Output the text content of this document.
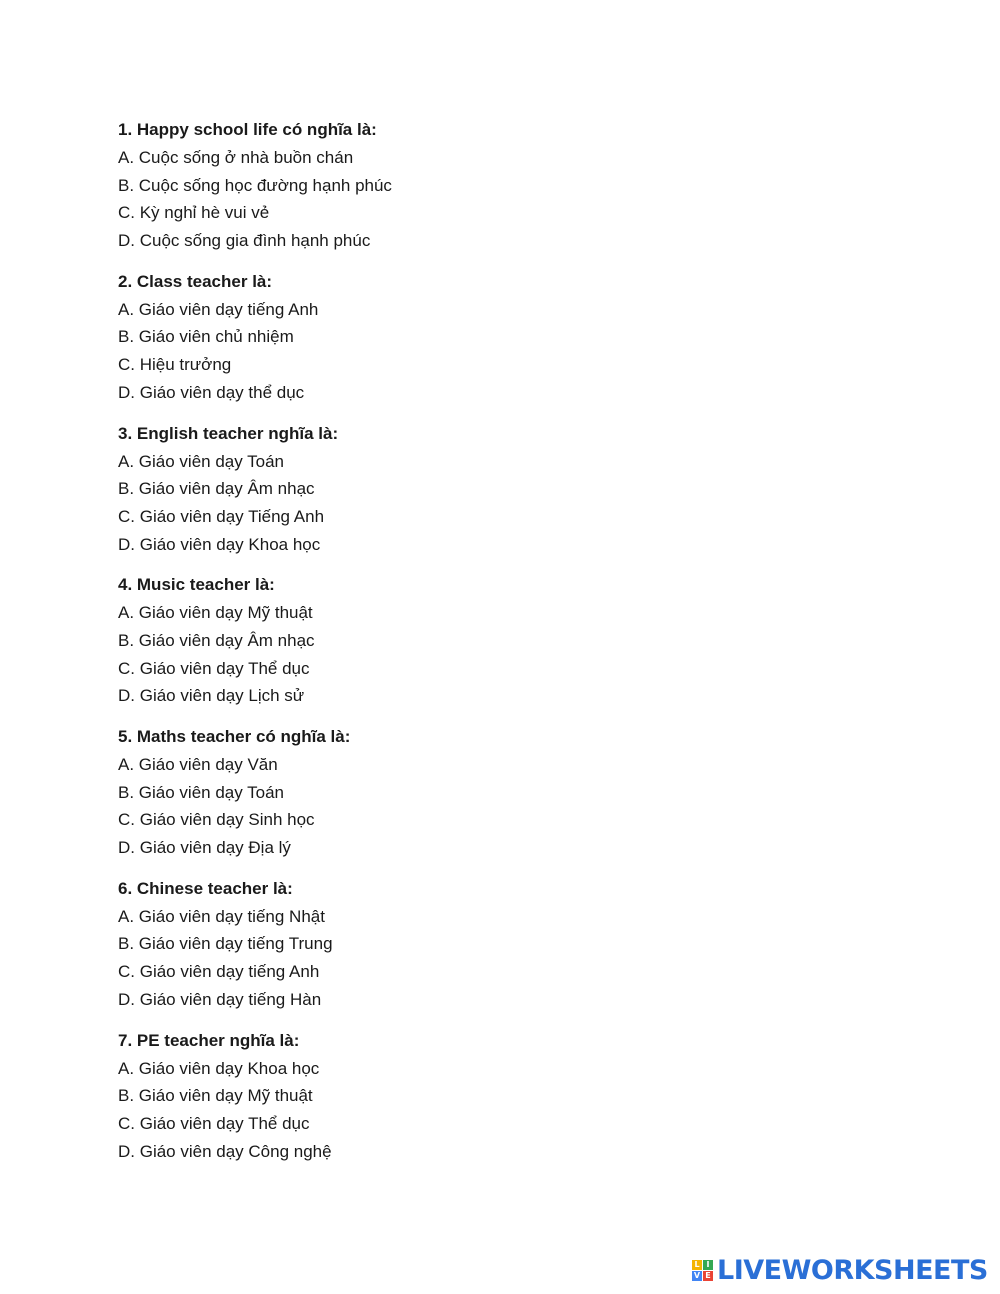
1. Happy school life có nghĩa là:
A. Cuộc sống ở nhà buồn chán
B. Cuộc sống học đường hạnh phúc
C. Kỳ nghỉ hè vui vẻ
D. Cuộc sống gia đình hạnh phúc
2. Class teacher là:
A. Giáo viên dạy tiếng Anh
B. Giáo viên chủ nhiệm
C. Hiệu trưởng
D. Giáo viên dạy thể dục
3. English teacher nghĩa là:
A. Giáo viên dạy Toán
B. Giáo viên dạy Âm nhạc
C. Giáo viên dạy Tiếng Anh
D. Giáo viên dạy Khoa học
4. Music teacher là:
A. Giáo viên dạy Mỹ thuật
B. Giáo viên dạy Âm nhạc
C. Giáo viên dạy Thể dục
D. Giáo viên dạy Lịch sử
5. Maths teacher có nghĩa là:
A. Giáo viên dạy Văn
B. Giáo viên dạy Toán
C. Giáo viên dạy Sinh học
D. Giáo viên dạy Địa lý
6. Chinese teacher là:
A. Giáo viên dạy tiếng Nhật
B. Giáo viên dạy tiếng Trung
C. Giáo viên dạy tiếng Anh
D. Giáo viên dạy tiếng Hàn
7. PE teacher nghĩa là:
A. Giáo viên dạy Khoa học
B. Giáo viên dạy Mỹ thuật
C. Giáo viên dạy Thể dục
D. Giáo viên dạy Công nghệ
L I
V E LIVEWORKSHEETS
